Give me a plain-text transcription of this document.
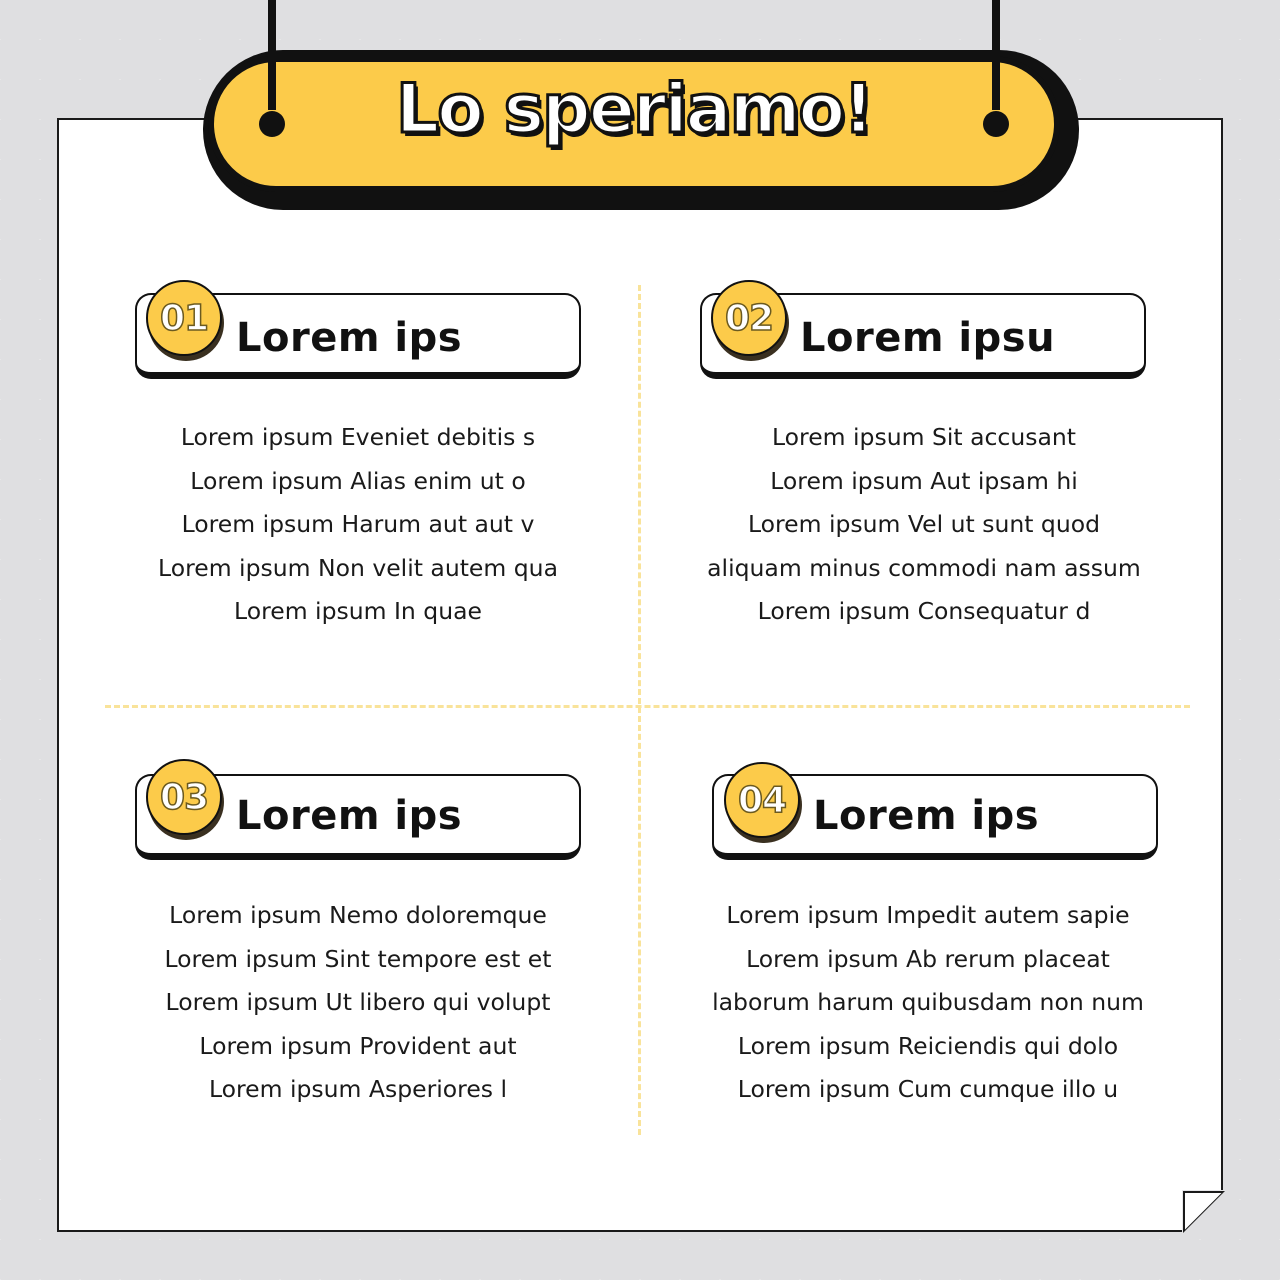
Lo speriamo!
01 Lorem ips
Lorem ipsum Eveniet debitis s
Lorem ipsum Alias enim ut o
Lorem ipsum Harum aut aut v
Lorem ipsum Non velit autem qua
Lorem ipsum In quae
02 Lorem ipsu
Lorem ipsum Sit accusant
Lorem ipsum Aut ipsam hi
Lorem ipsum Vel ut sunt quod
aliquam minus commodi nam assum
Lorem ipsum Consequatur d
03 Lorem ips
Lorem ipsum Nemo doloremque
Lorem ipsum Sint tempore est et
Lorem ipsum Ut libero qui volupt
Lorem ipsum Provident aut
Lorem ipsum Asperiores l
04 Lorem ips
Lorem ipsum Impedit autem sapie
Lorem ipsum Ab rerum placeat
laborum harum quibusdam non num
Lorem ipsum Reiciendis qui dolo
Lorem ipsum Cum cumque illo u
